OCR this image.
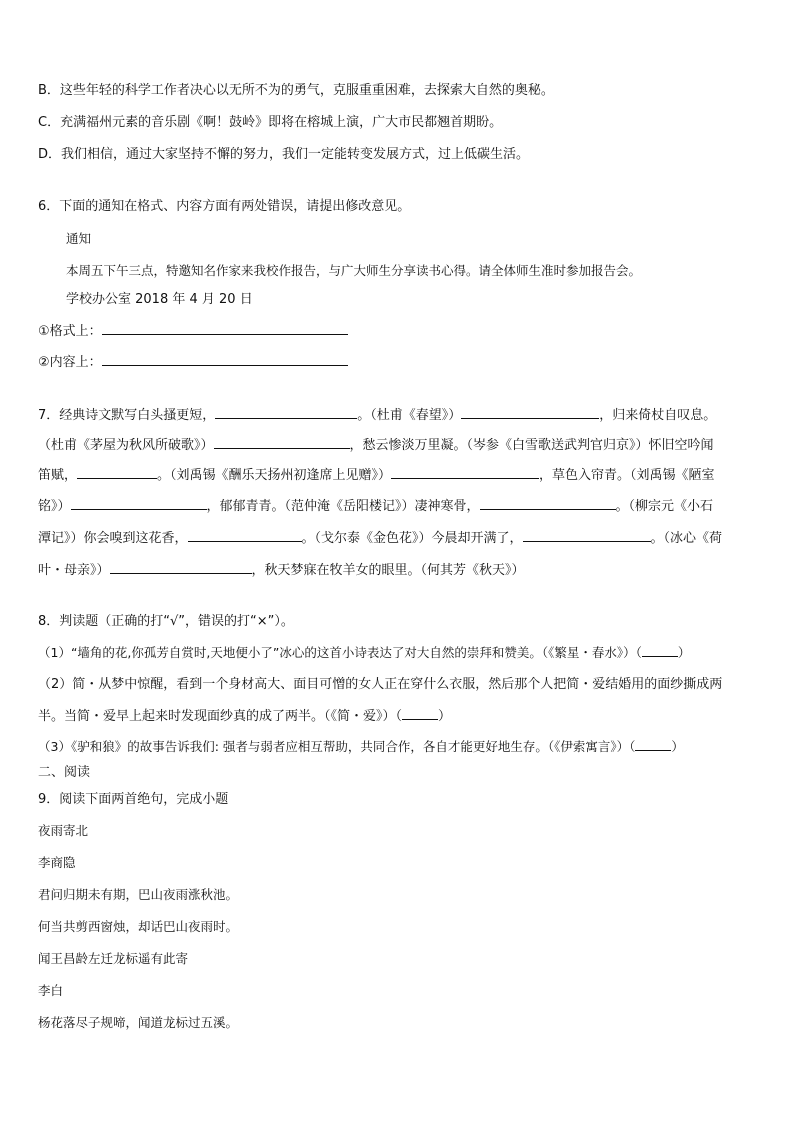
B．这些年轻的科学工作者决心以无所不为的勇气，克服重重困难，去探索大自然的奥秘。
C．充满福州元素的音乐剧《啊！鼓岭》即将在榕城上演，广大市民都翘首期盼。
D．我们相信，通过大家坚持不懈的努力，我们一定能转变发展方式，过上低碳生活。
6．下面的通知在格式、内容方面有两处错误，请提出修改意见。
通知
本周五下午三点，特邀知名作家来我校作报告，与广大师生分享读书心得。请全体师生准时参加报告会。
学校办公室 2018 年 4 月 20 日
①格式上：
②内容上：
7．经典诗文默写白头搔更短，	。（杜甫《春望》）	，归来倚杖自叹息。
（杜甫《茅屋为秋风所破歌》）	，愁云惨淡万里凝。（岑参《白雪歌送武判官归京》）怀旧空吟闻
笛赋，	。（刘禹锡《酬乐天扬州初逢席上见赠》）	，草色入帘青。（刘禹锡《陋室
铭》）	，郁郁青青。（范仲淹《岳阳楼记》）凄神寒骨，	。（柳宗元《小石
潭记》）你会嗅到这花香，	。（戈尔泰《金色花》）今晨却开满了，	。（冰心《荷
叶・母亲》）	，秋天梦寐在牧羊女的眼里。（何其芳《秋天》）
8．判读题（正确的打“√”，错误的打“×”）。
（1）“墙角的花,你孤芳自赏时,天地便小了”冰心的这首小诗表达了对大自然的崇拜和赞美。（《繁星・春水》）（	）
（2）简・从梦中惊醒，看到一个身材高大、面目可憎的女人正在穿什么衣服，然后那个人把简・爱结婚用的面纱撕成两
半。当简・爱早上起来时发现面纱真的成了两半。（《简・爱》）（	）
（3）《驴和狼》的故事告诉我们: 强者与弱者应相互帮助，共同合作，各自才能更好地生存。（《伊索寓言》）（	）
二、阅读
9．阅读下面两首绝句，完成小题
夜雨寄北
李商隐
君问归期未有期，巴山夜雨涨秋池。
何当共剪西窗烛，却话巴山夜雨时。
闻王昌龄左迁龙标遥有此寄
李白
杨花落尽子规啼，闻道龙标过五溪。
